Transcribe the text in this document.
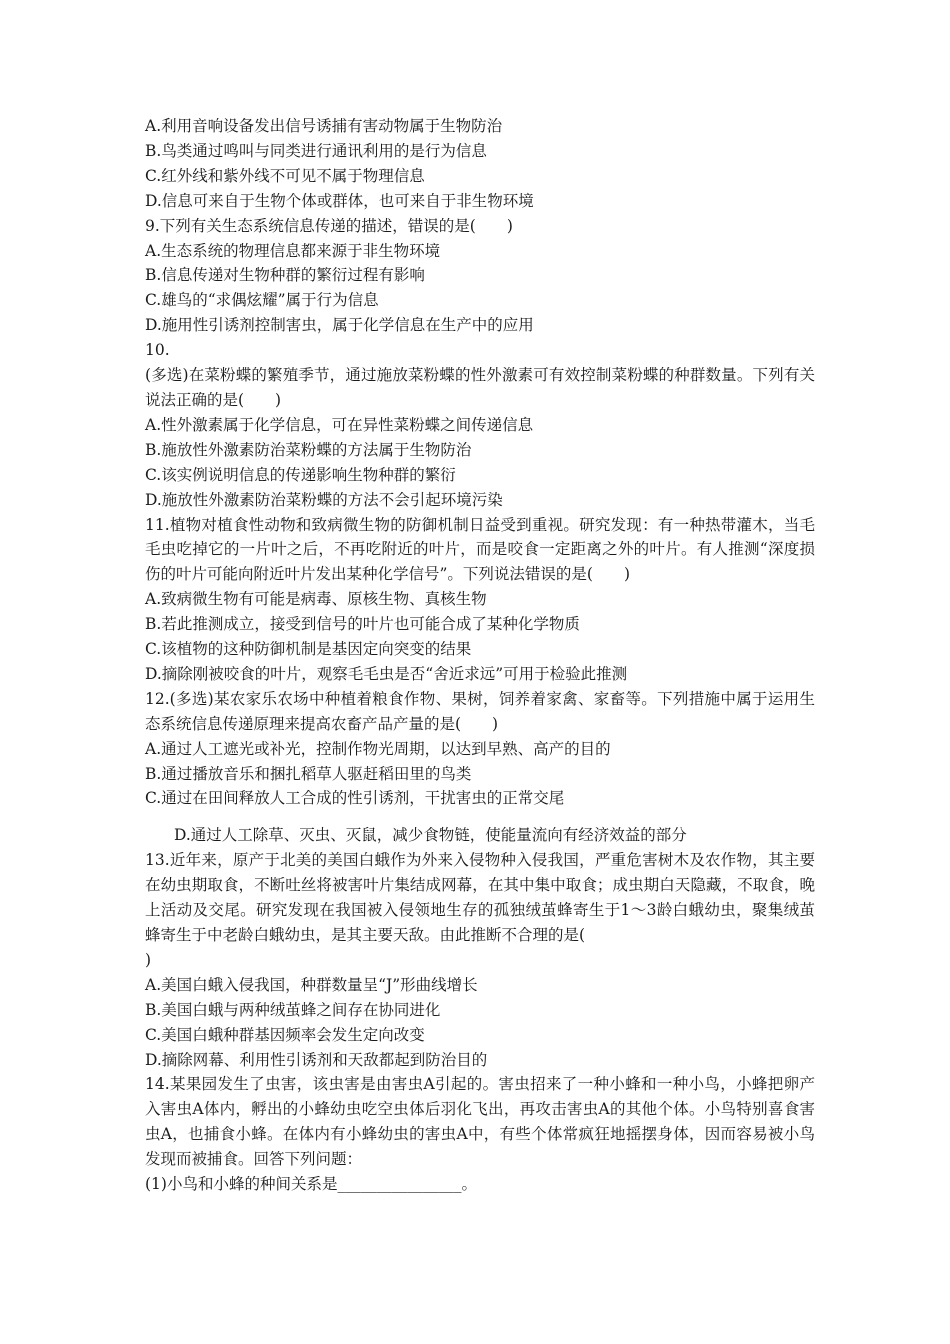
A.利用音响设备发出信号诱捕有害动物属于生物防治
B.鸟类通过鸣叫与同类进行通讯利用的是行为信息
C.红外线和紫外线不可见不属于物理信息
D.信息可来自于生物个体或群体，也可来自于非生物环境
9.下列有关生态系统信息传递的描述，错误的是(　　)
A.生态系统的物理信息都来源于非生物环境
B.信息传递对生物种群的繁衍过程有影响
C.雄鸟的“求偶炫耀”属于行为信息
D.施用性引诱剂控制害虫，属于化学信息在生产中的应用
10.
(多选)在菜粉蝶的繁殖季节，通过施放菜粉蝶的性外激素可有效控制菜粉蝶的种群数量。下列有关说法正确的是(　　)
A.性外激素属于化学信息，可在异性菜粉蝶之间传递信息
B.施放性外激素防治菜粉蝶的方法属于生物防治
C.该实例说明信息的传递影响生物种群的繁衍
D.施放性外激素防治菜粉蝶的方法不会引起环境污染
11.植物对植食性动物和致病微生物的防御机制日益受到重视。研究发现：有一种热带灌木，当毛毛虫吃掉它的一片叶之后，不再吃附近的叶片，而是咬食一定距离之外的叶片。有人推测“深度损伤的叶片可能向附近叶片发出某种化学信号”。下列说法错误的是(　　)
A.致病微生物有可能是病毒、原核生物、真核生物
B.若此推测成立，接受到信号的叶片也可能合成了某种化学物质
C.该植物的这种防御机制是基因定向突变的结果
D.摘除刚被咬食的叶片，观察毛毛虫是否“舍近求远”可用于检验此推测
12.(多选)某农家乐农场中种植着粮食作物、果树，饲养着家禽、家畜等。下列措施中属于运用生态系统信息传递原理来提高农畜产品产量的是(　　)
A.通过人工遮光或补光，控制作物光周期，以达到早熟、高产的目的
B.通过播放音乐和捆扎稻草人驱赶稻田里的鸟类
C.通过在田间释放人工合成的性引诱剂，干扰害虫的正常交尾
D.通过人工除草、灭虫、灭鼠，减少食物链，使能量流向有经济效益的部分
13.近年来，原产于北美的美国白蛾作为外来入侵物种入侵我国，严重危害树木及农作物，其主要在幼虫期取食，不断吐丝将被害叶片集结成网幕，在其中集中取食；成虫期白天隐藏，不取食，晚上活动及交尾。研究发现在我国被入侵领地生存的孤独绒茧蜂寄生于1～3龄白蛾幼虫，聚集绒茧蜂寄生于中老龄白蛾幼虫，是其主要天敌。由此推断不合理的是(
)
A.美国白蛾入侵我国，种群数量呈“J”形曲线增长
B.美国白蛾与两种绒茧蜂之间存在协同进化
C.美国白蛾种群基因频率会发生定向改变
D.摘除网幕、利用性引诱剂和天敌都起到防治目的
14.某果园发生了虫害，该虫害是由害虫A引起的。害虫招来了一种小蜂和一种小鸟，小蜂把卵产入害虫A体内，孵出的小蜂幼虫吃空虫体后羽化飞出，再攻击害虫A的其他个体。小鸟特别喜食害虫A，也捕食小蜂。在体内有小蜂幼虫的害虫A中，有些个体常疯狂地摇摆身体，因而容易被小鸟发现而被捕食。回答下列问题：
(1)小鸟和小蜂的种间关系是________________。
